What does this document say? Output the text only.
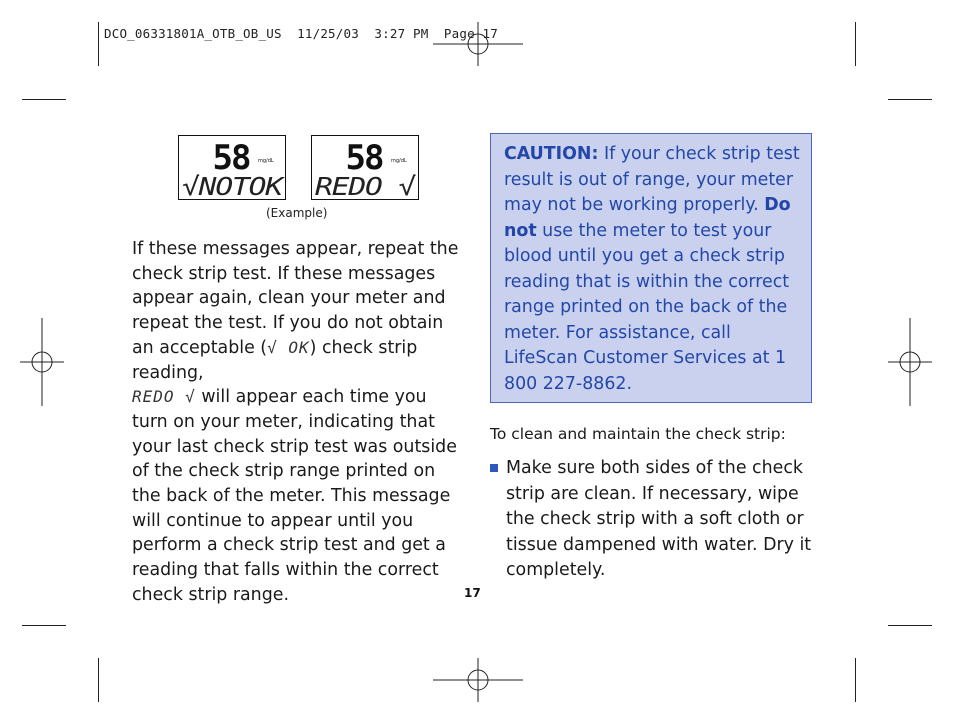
DCO_06331801A_OTB_OB_US  11/25/03  3:27 PM  Page 17
58 mg/dL
√NOTOK
58 mg/dL
REDO √
(Example)
If these messages appear, repeat the check strip test. If these messages appear again, clean your meter and repeat the test. If you do not obtain an acceptable (√ OK) check strip reading,
REDO √ will appear each time you turn on your meter, indicating that your last check strip test was outside of the check strip range printed on the back of the meter. This message will continue to appear until you perform a check strip test and get a reading that falls within the correct check strip range.
CAUTION: If your check strip test result is out of range, your meter may not be working properly. Do not use the meter to test your blood until you get a check strip reading that is within the correct range printed on the back of the meter. For assistance, call LifeScan Customer Services at 1 800 227-8862.
To clean and maintain the check strip:
Make sure both sides of the check strip are clean. If necessary, wipe the check strip with a soft cloth or tissue dampened with water. Dry it completely.
17
